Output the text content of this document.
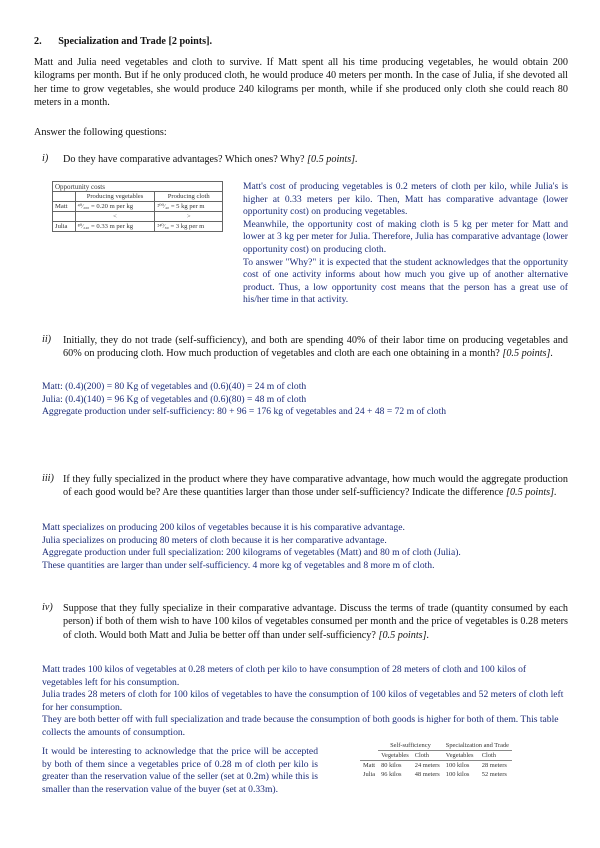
2. Specialization and Trade [2 points].
Matt and Julia need vegetables and cloth to survive. If Matt spent all his time producing vegetables, he would obtain 200 kilograms per month. But if he only produced cloth, he would produce 40 meters per month. In the case of Julia, if she devoted all her time to grow vegetables, she would produce 240 kilograms per month, while if she produced only cloth she could reach 80 meters in a month.
Answer the following questions:
i) Do they have comparative advantages? Which ones? Why? [0.5 points].
Opportunity costs		
	Producing vegetables	Producing cloth
Matt	⁴⁰⁄₂₀₀ = 0.20 m per kg	²⁰⁰⁄₄₀ = 5 kg per m
	<	>
Julia	⁸⁰⁄₂₄₀ = 0.33 m per kg	²⁴⁰⁄₈₀ = 3 kg per m
Matt's cost of producing vegetables is 0.2 meters of cloth per kilo, while Julia's is higher at 0.33 meters per kilo. Then, Matt has comparative advantage (lower opportunity cost) on producing vegetables.
Meanwhile, the opportunity cost of making cloth is 5 kg per meter for Matt and lower at 3 kg per meter for Julia. Therefore, Julia has comparative advantage (lower opportunity cost) on producing cloth.
To answer "Why?" it is expected that the student acknowledges that the opportunity cost of one activity informs about how much you give up of another alternative product. Thus, a low opportunity cost means that the person has a great use of his/her time in that activity.
ii) Initially, they do not trade (self-sufficiency), and both are spending 40% of their labor time on producing vegetables and 60% on producing cloth. How much production of vegetables and cloth are each one obtaining in a month? [0.5 points].
Matt: (0.4)(200) = 80 Kg of vegetables and (0.6)(40) = 24 m of cloth
Julia: (0.4)(140) = 96 Kg of vegetables and (0.6)(80) = 48 m of cloth
Aggregate production under self-sufficiency: 80 + 96 = 176 kg of vegetables and 24 + 48 = 72 m of cloth
iii) If they fully specialized in the product where they have comparative advantage, how much would the aggregate production of each good would be? Are these quantities larger than those under self-sufficiency? Indicate the difference [0.5 points].
Matt specializes on producing 200 kilos of vegetables because it is his comparative advantage.
Julia specializes on producing 80 meters of cloth because it is her comparative advantage.
Aggregate production under full specialization: 200 kilograms of vegetables (Matt) and 80 m of cloth (Julia).
These quantities are larger than under self-sufficiency. 4 more kg of vegetables and 8 more m of cloth.
iv) Suppose that they fully specialize in their comparative advantage. Discuss the terms of trade (quantity consumed by each person) if both of them wish to have 100 kilos of vegetables consumed per month and the price of vegetables is 0.28 meters of cloth. Would both Matt and Julia be better off than under self-sufficiency? [0.5 points].
Matt trades 100 kilos of vegetables at 0.28 meters of cloth per kilo to have consumption of 28 meters of cloth and 100 kilos of vegetables left for his consumption.
Julia trades 28 meters of cloth for 100 kilos of vegetables to have the consumption of 100 kilos of vegetables and 52 meters of cloth left for her consumption.
They are both better off with full specialization and trade because the consumption of both goods is higher for both of them. This table collects the amounts of consumption.
It would be interesting to acknowledge that the price will be accepted by both of them since a vegetables price of 0.28 m of cloth per kilo is greater than the reservation value of the seller (set at 0.2m) while this is smaller than the reservation value of the buyer (set at 0.33m).
	Self-sufficiency		Specialization and Trade	
	Vegetables	Cloth	Vegetables	Cloth
Matt	80 kilos	24 meters	100 kilos	28 meters
Julia	96 kilos	48 meters	100 kilos	52 meters
